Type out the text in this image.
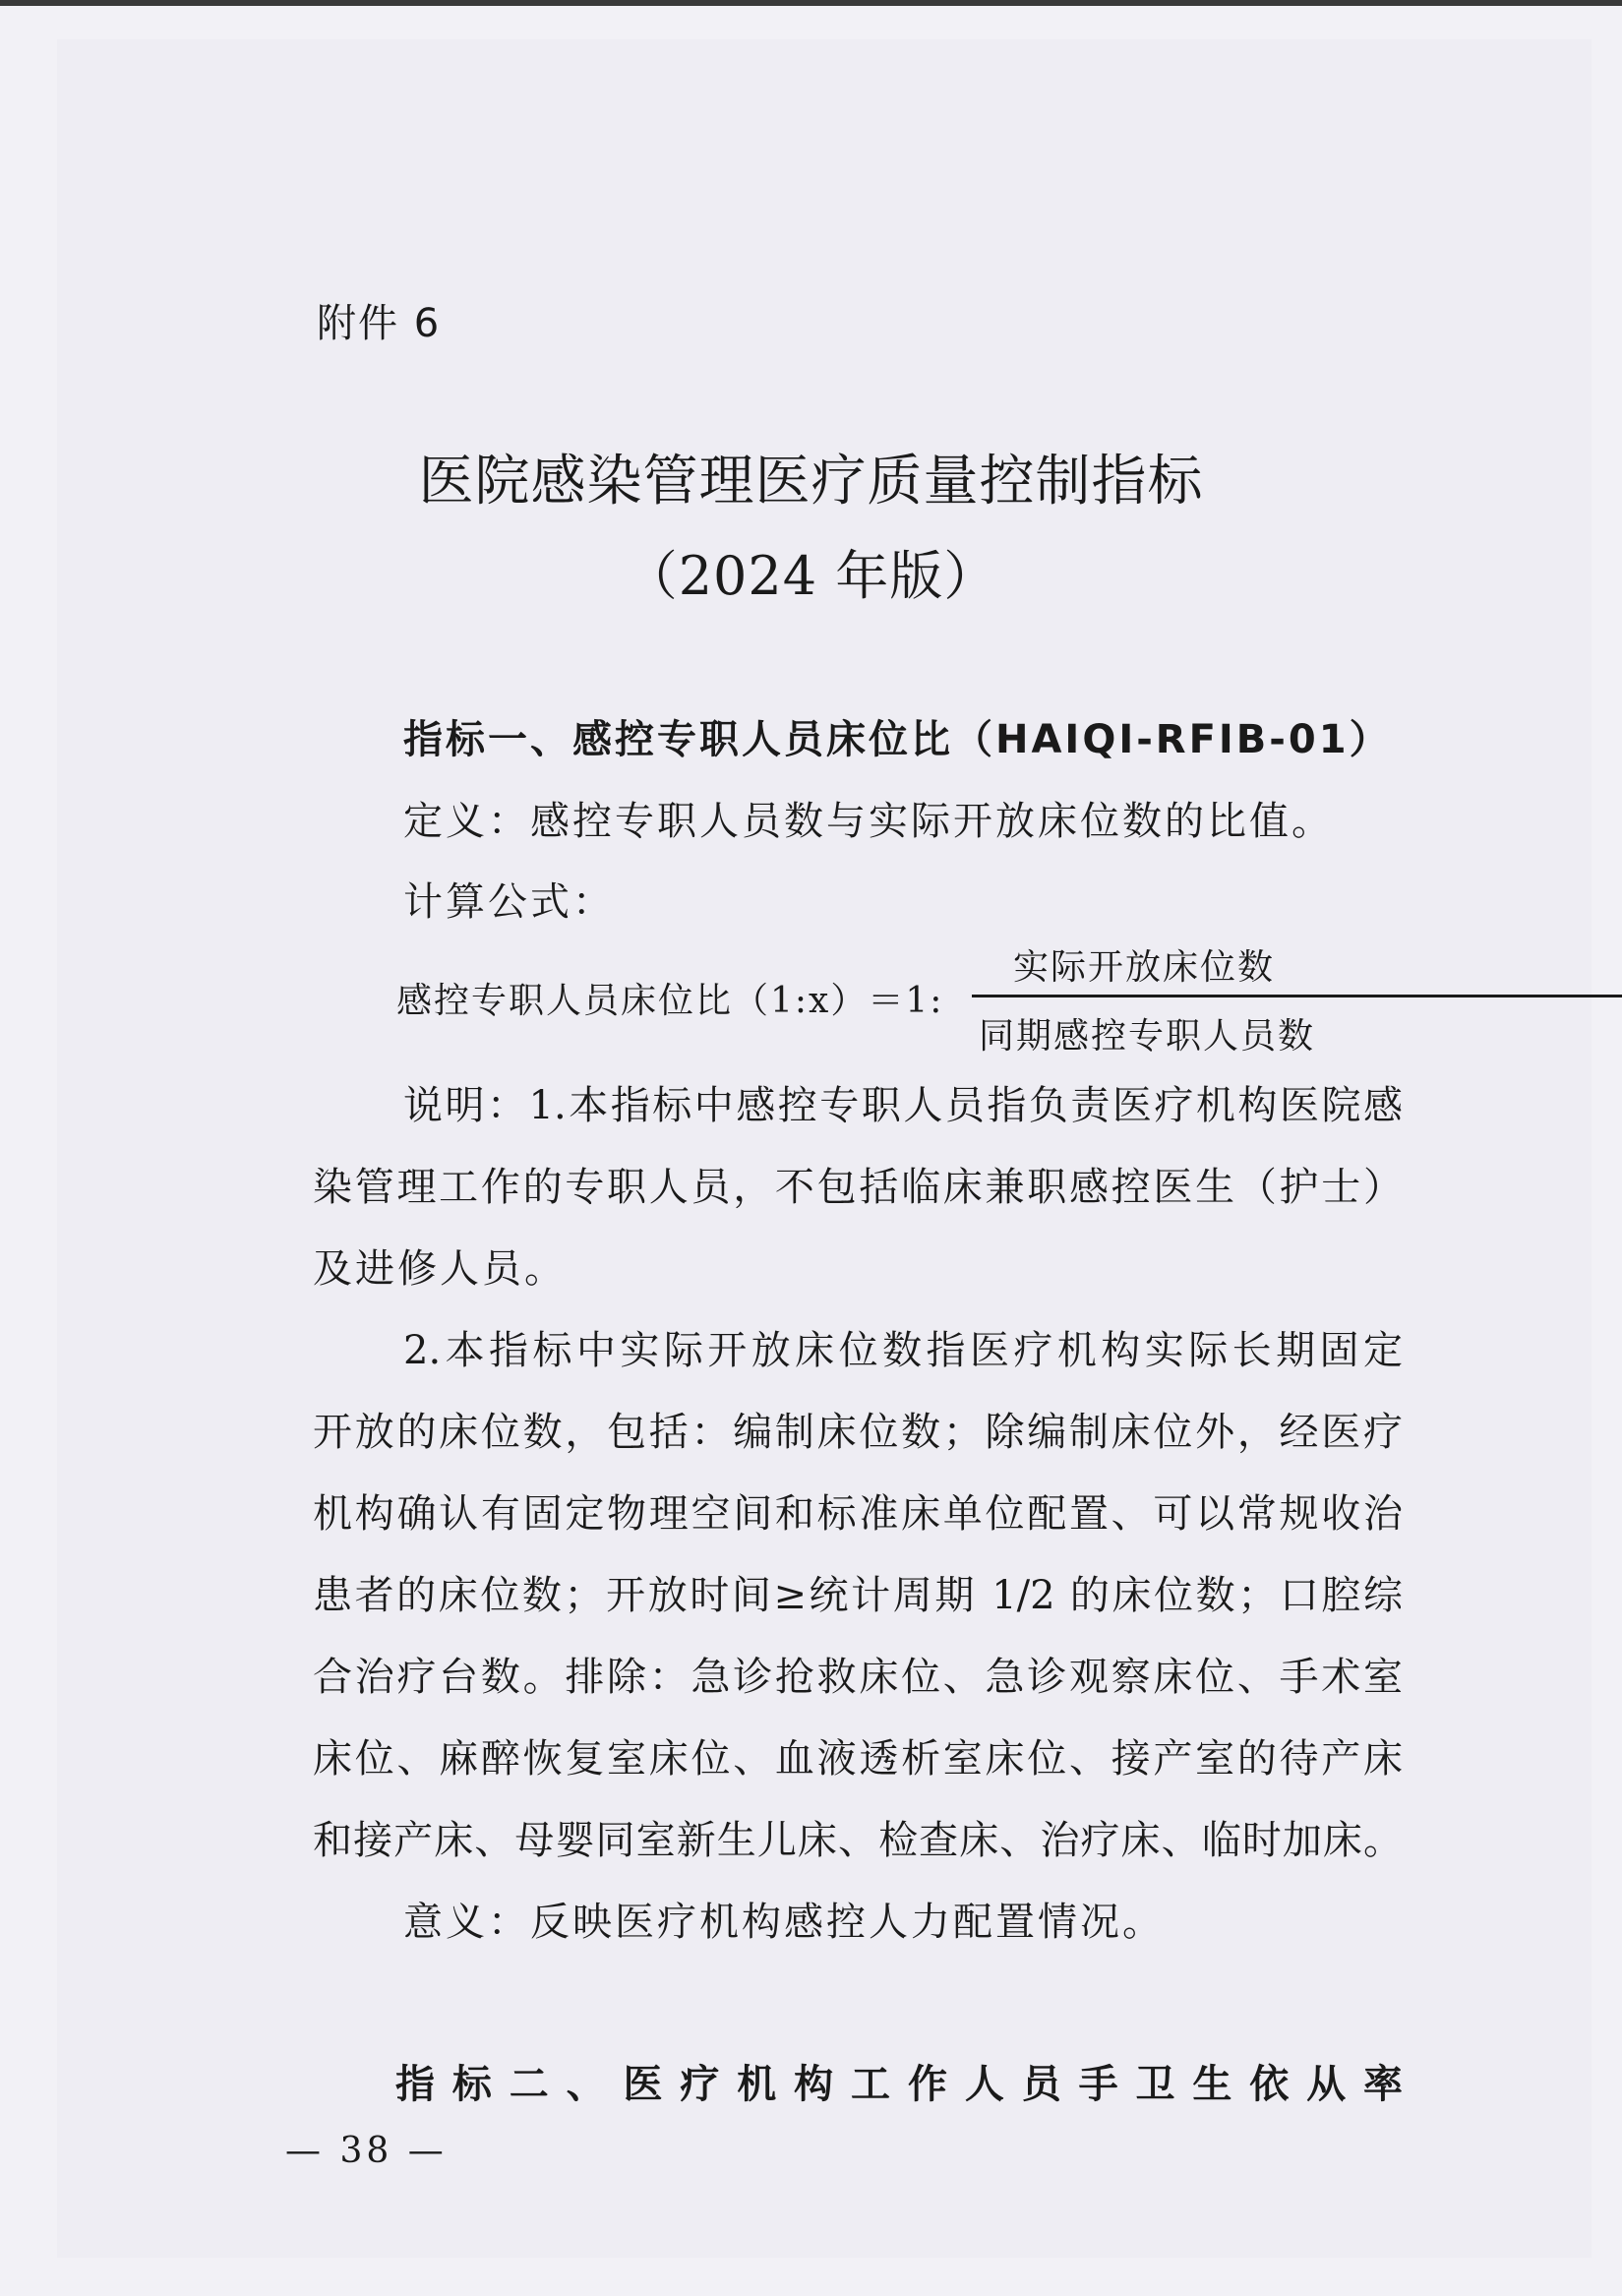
附件 6
医院感染管理医疗质量控制指标
（2024 年版）
指标一、感控专职人员床位比（HAIQI-RFIB-01）
定义：感控专职人员数与实际开放床位数的比值。
计算公式：
感控专职人员床位比（1:x）＝1:
实际开放床位数
同期感控专职人员数
说明：1.本指标中感控专职人员指负责医疗机构医院感
染管理工作的专职人员，不包括临床兼职感控医生（护士）
及进修人员。
2.本指标中实际开放床位数指医疗机构实际长期固定
开放的床位数，包括：编制床位数；除编制床位外，经医疗
机构确认有固定物理空间和标准床单位配置、可以常规收治
患者的床位数；开放时间≥统计周期 1/2 的床位数；口腔综
合治疗台数。排除：急诊抢救床位、急诊观察床位、手术室
床位、麻醉恢复室床位、血液透析室床位、接产室的待产床
和接产床、母婴同室新生儿床、检查床、治疗床、临时加床。
意义：反映医疗机构感控人力配置情况。
指标二、医疗机构工作人员手卫生依从率
— 38 —
